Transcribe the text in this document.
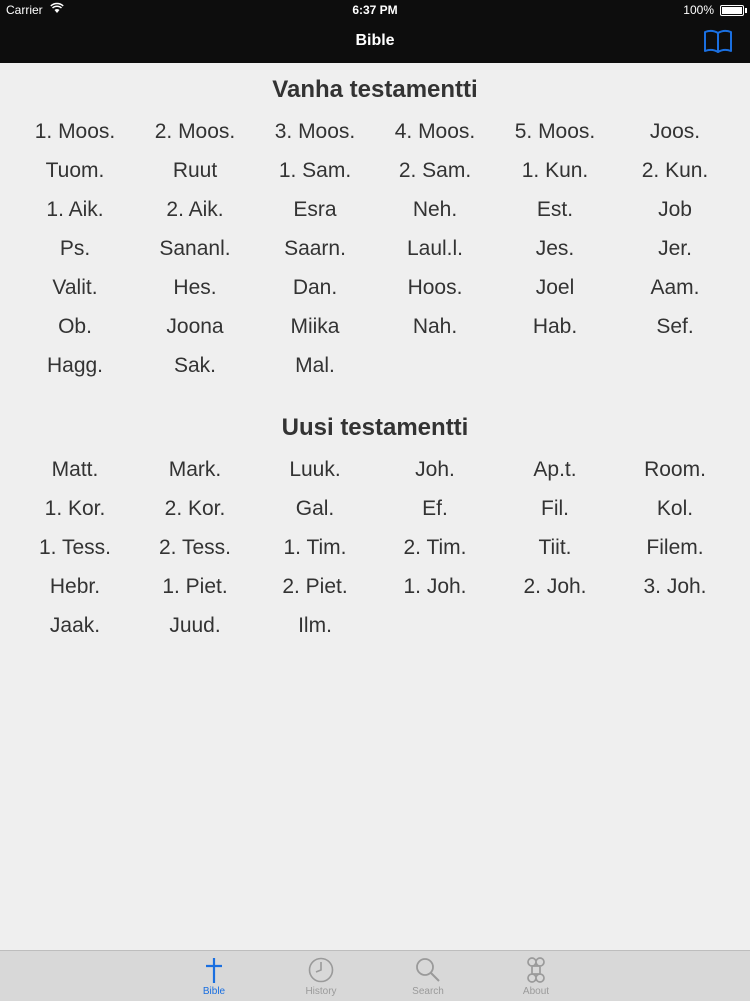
Carrier	6:37 PM	100%
Bible
Vanha testamentti
1. Moos.	2. Moos.	3. Moos.	4. Moos.	5. Moos.	Joos.
Tuom.	Ruut	1. Sam.	2. Sam.	1. Kun.	2. Kun.
1. Aik.	2. Aik.	Esra	Neh.	Est.	Job
Ps.	Sananl.	Saarn.	Laul.l.	Jes.	Jer.
Valit.	Hes.	Dan.	Hoos.	Joel	Aam.
Ob.	Joona	Miika	Nah.	Hab.	Sef.
Hagg.	Sak.	Mal.
Uusi testamentti
Matt.	Mark.	Luuk.	Joh.	Ap.t.	Room.
1. Kor.	2. Kor.	Gal.	Ef.	Fil.	Kol.
1. Tess.	2. Tess.	1. Tim.	2. Tim.	Tiit.	Filem.
Hebr.	1. Piet.	2. Piet.	1. Joh.	2. Joh.	3. Joh.
Jaak.	Juud.	Ilm.
Bible	History	Search	About
